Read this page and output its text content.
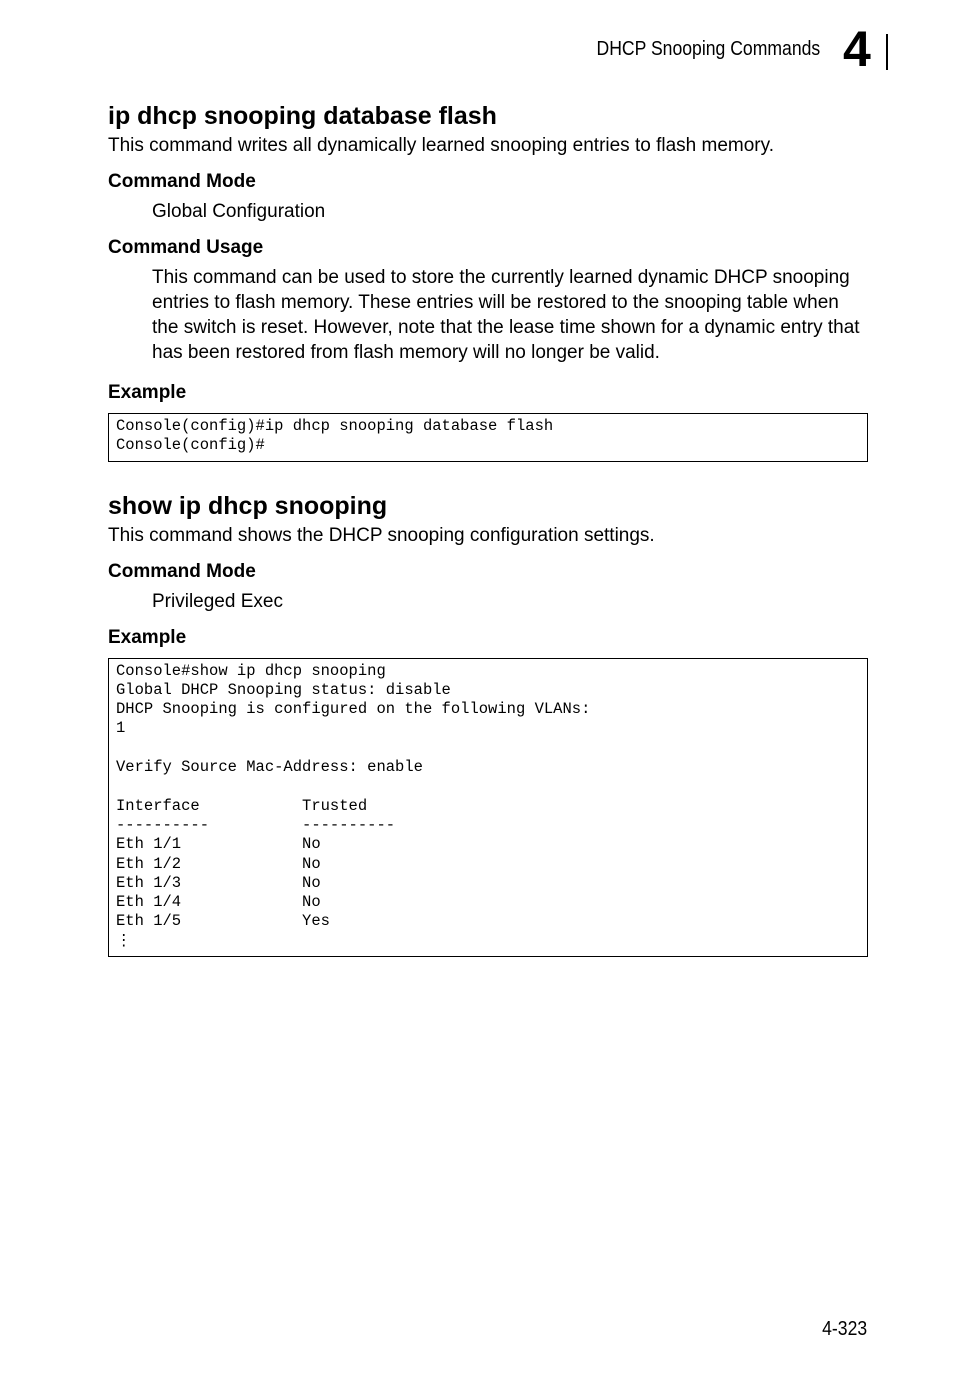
DHCP Snooping Commands 4
ip dhcp snooping database flash

This command writes all dynamically learned snooping entries to flash memory.

Command Mode

Global Configuration

Command Usage

This command can be used to store the currently learned dynamic DHCP snooping entries to flash memory. These entries will be restored to the snooping table when the switch is reset. However, note that the lease time shown for a dynamic entry that has been restored from flash memory will no longer be valid.

Example
Console(config)#ip dhcp snooping database flash
Console(config)#
show ip dhcp snooping

This command shows the DHCP snooping configuration settings.

Command Mode

Privileged Exec

Example
Console#show ip dhcp snooping
Global DHCP Snooping status: disable
DHCP Snooping is configured on the following VLANs:
1

Verify Source Mac-Address: enable

Interface           Trusted
----------          ----------
Eth 1/1             No
Eth 1/2             No
Eth 1/3             No
Eth 1/4             No
Eth 1/5             Yes
⋮
4-323
